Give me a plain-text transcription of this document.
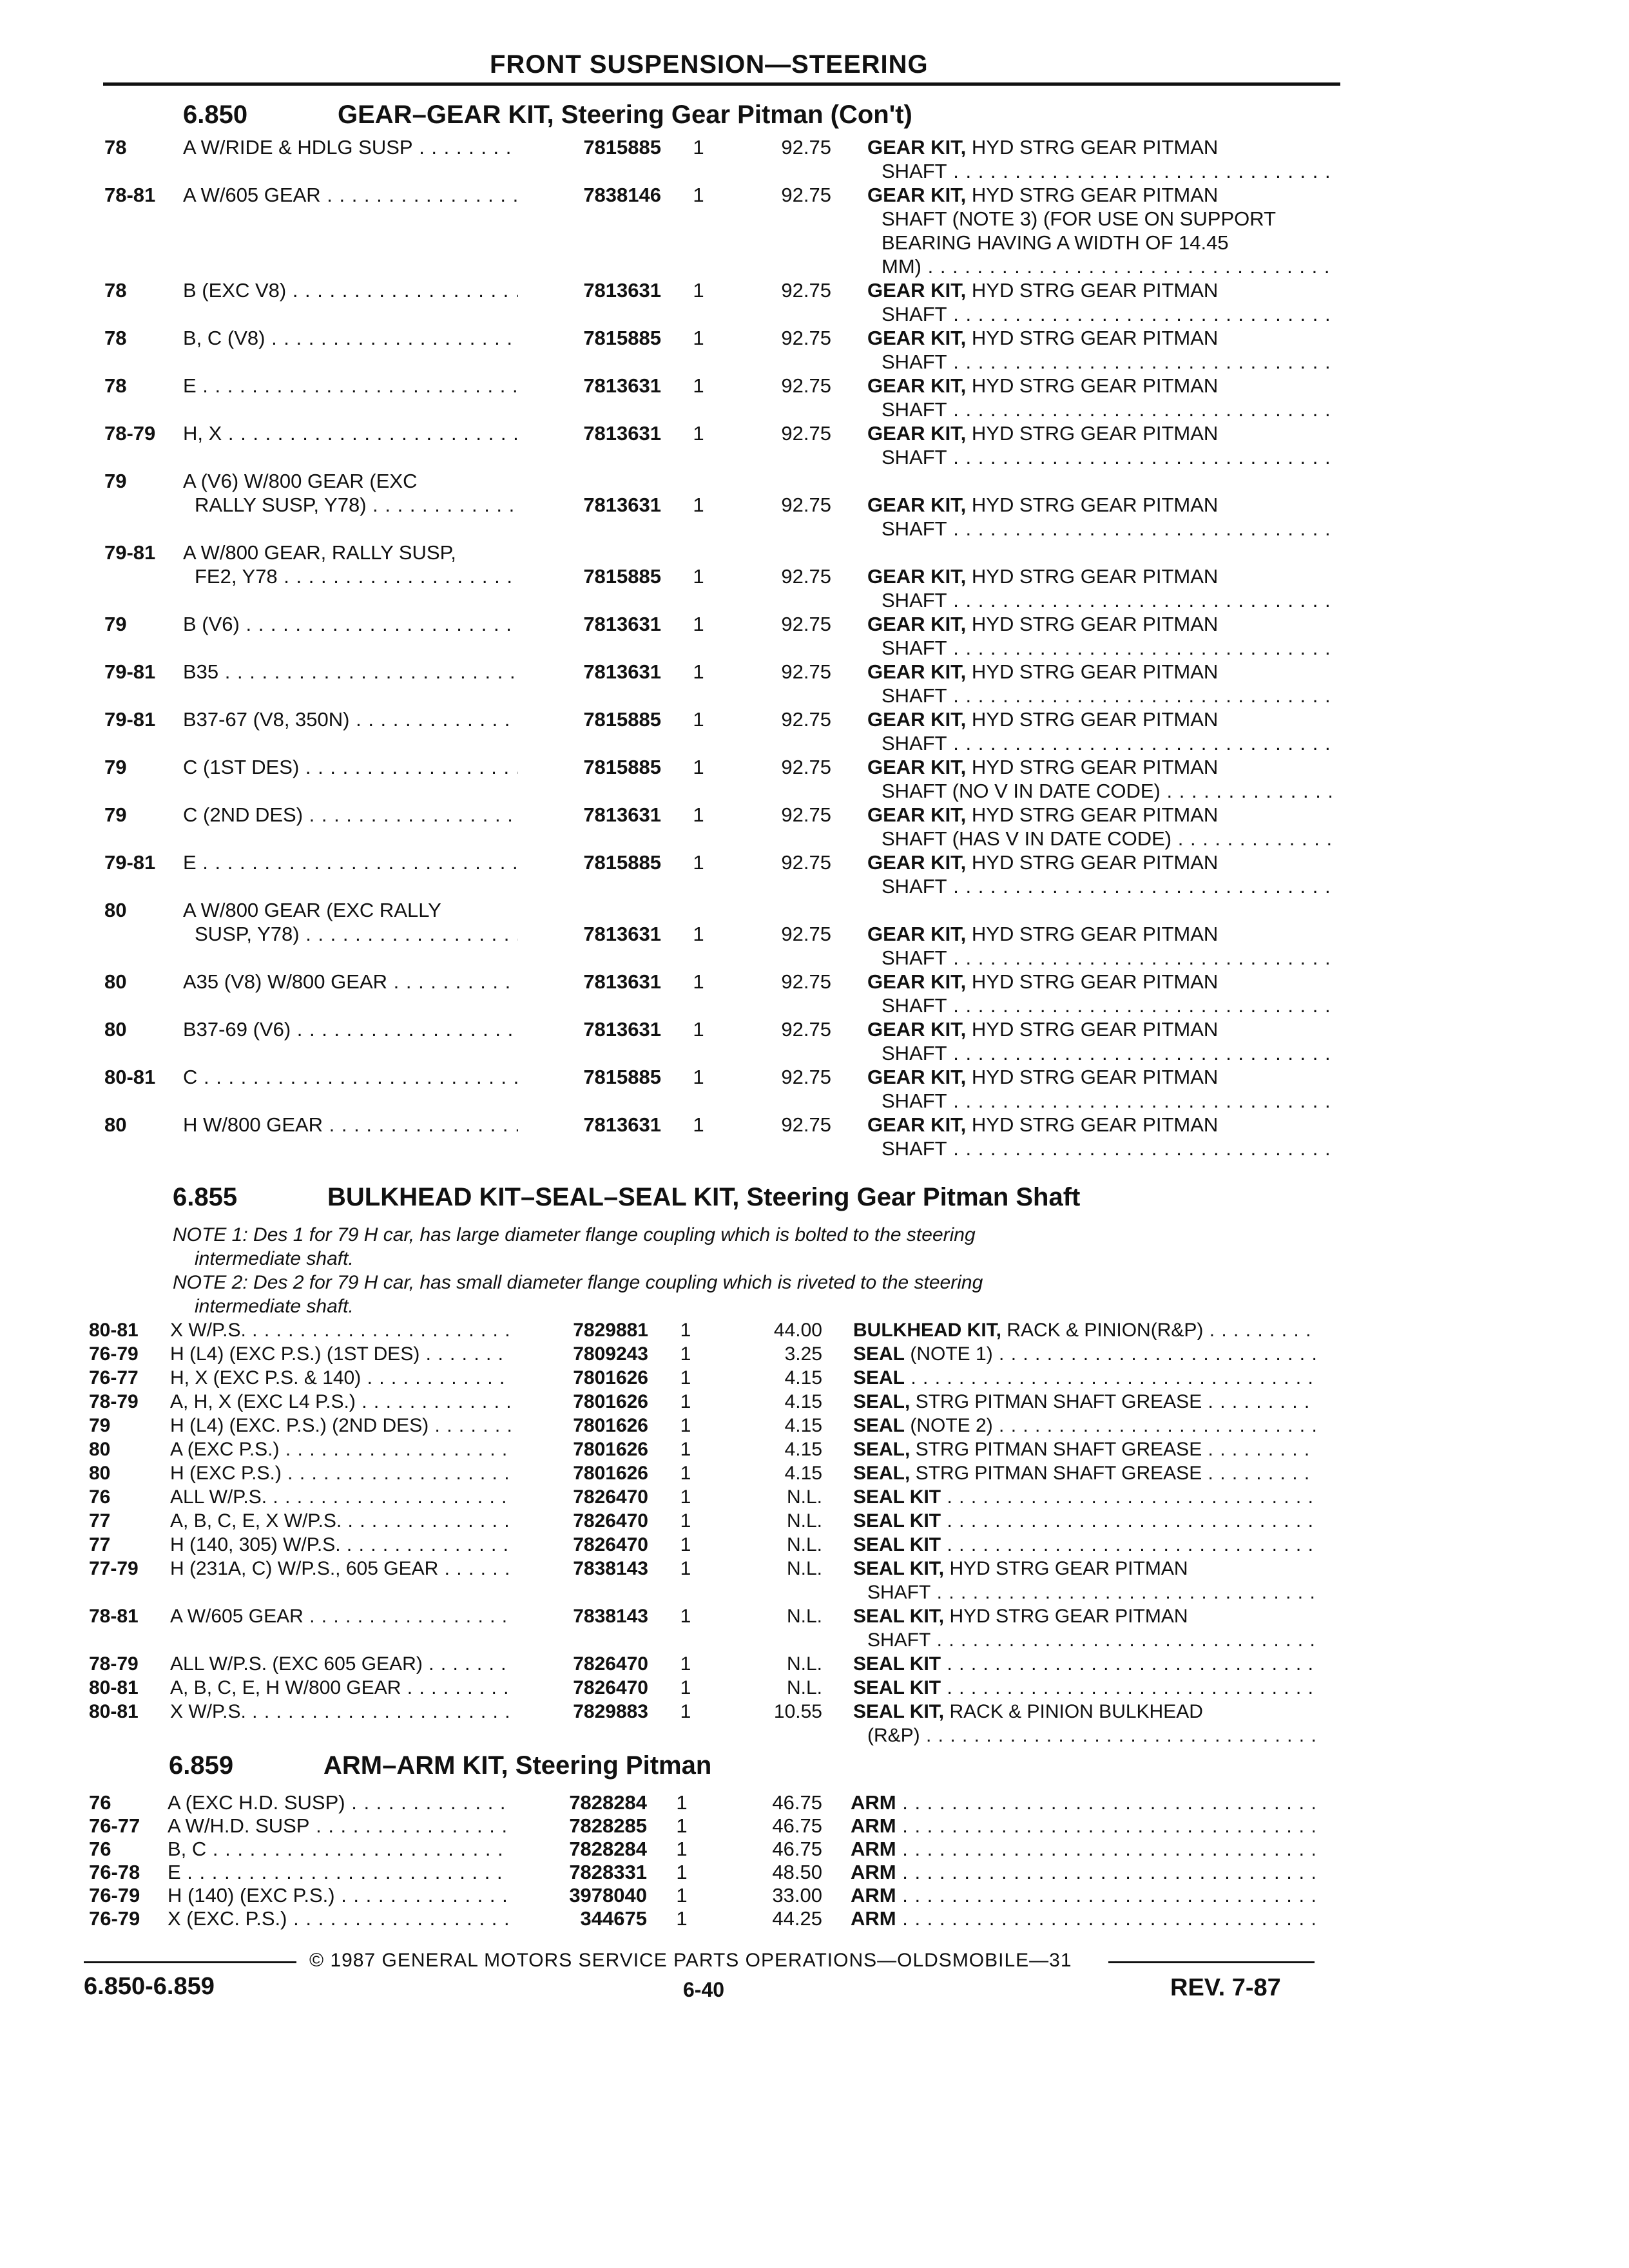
FRONT SUSPENSION—STEERING
6.850	GEAR–GEAR KIT, Steering Gear Pitman (Con't)
78	A W/RIDE & HDLG SUSP . . .	7815885	1	92.75 GEAR KIT, HYD STRG GEAR PITMAN
SHAFT . . .
78-81 A W/605 GEAR . . .	7838146	1	92.75 GEAR KIT, HYD STRG GEAR PITMAN
SHAFT (NOTE 3) (FOR USE ON SUPPORT
BEARING HAVING A WIDTH OF 14.45
MM) . . .
78	B (EXC V8) . . .	7813631	1	92.75 GEAR KIT, HYD STRG GEAR PITMAN
SHAFT . . .
78	B, C (V8) . . .	7815885	1	92.75 GEAR KIT, HYD STRG GEAR PITMAN
SHAFT . . .
78	E . . .	7813631	1	92.75 GEAR KIT, HYD STRG GEAR PITMAN
SHAFT . . .
78-79 H, X . . .	7813631	1	92.75 GEAR KIT, HYD STRG GEAR PITMAN
SHAFT . . .
79	A (V6) W/800 GEAR (EXC
RALLY SUSP, Y78) . . .	7813631	1	92.75 GEAR KIT, HYD STRG GEAR PITMAN
SHAFT . . .
79-81 A W/800 GEAR, RALLY SUSP,
FE2, Y78 . . .	7815885	1	92.75 GEAR KIT, HYD STRG GEAR PITMAN
SHAFT . . .
79	B (V6) . . .	7813631	1	92.75 GEAR KIT, HYD STRG GEAR PITMAN
SHAFT . . .
79-81 B35 . . .	7813631	1	92.75 GEAR KIT, HYD STRG GEAR PITMAN
SHAFT . . .
79-81 B37-67 (V8, 350N) . . .	7815885	1	92.75 GEAR KIT, HYD STRG GEAR PITMAN
SHAFT . . .
79	C (1ST DES) . . .	7815885	1	92.75 GEAR KIT, HYD STRG GEAR PITMAN
SHAFT (NO V IN DATE CODE) . . .
79	C (2ND DES) . . .	7813631	1	92.75 GEAR KIT, HYD STRG GEAR PITMAN
SHAFT (HAS V IN DATE CODE) . . .
79-81 E . . .	7815885	1	92.75 GEAR KIT, HYD STRG GEAR PITMAN
SHAFT . . .
80	A W/800 GEAR (EXC RALLY
SUSP, Y78) . . .	7813631	1	92.75 GEAR KIT, HYD STRG GEAR PITMAN
SHAFT . . .
80	A35 (V8) W/800 GEAR . . .	7813631	1	92.75 GEAR KIT, HYD STRG GEAR PITMAN
SHAFT . . .
80	B37-69 (V6) . . .	7813631	1	92.75 GEAR KIT, HYD STRG GEAR PITMAN
SHAFT . . .
80-81 C . . .	7815885	1	92.75 GEAR KIT, HYD STRG GEAR PITMAN
SHAFT . . .
80	H W/800 GEAR . . .	7813631	1	92.75 GEAR KIT, HYD STRG GEAR PITMAN
SHAFT . . .
6.855	BULKHEAD KIT–SEAL–SEAL KIT, Steering Gear Pitman Shaft

NOTE 1: Des 1 for 79 H car, has large diameter flange coupling which is bolted to the steering

intermediate shaft.

NOTE 2: Des 2 for 79 H car, has small diameter flange coupling which is riveted to the steering

intermediate shaft.

80-81 X W/P.S. . . .	7829881	1	44.00 BULKHEAD KIT, RACK & PINION(R&P) . . .
76-79 H (L4) (EXC P.S.) (1ST DES) . . .	7809243	1	3.25 SEAL (NOTE 1) . . .
76-77 H, X (EXC P.S. & 140) . . .	7801626	1	4.15 SEAL . . .
78-79 A, H, X (EXC L4 P.S.) . . .	7801626	1	4.15 SEAL, STRG PITMAN SHAFT GREASE . . .
79	H (L4) (EXC. P.S.) (2ND DES) . . .	7801626	1	4.15 SEAL (NOTE 2) . . .
80	A (EXC P.S.) . . .	7801626	1	4.15 SEAL, STRG PITMAN SHAFT GREASE . . .
80	H (EXC P.S.) . . .	7801626	1	4.15 SEAL, STRG PITMAN SHAFT GREASE . . .
76	ALL W/P.S. . . .	7826470	1	N.L. SEAL KIT . . .
77	A, B, C, E, X W/P.S. . . .	7826470	1	N.L. SEAL KIT . . .
77	H (140, 305) W/P.S. . . .	7826470	1	N.L. SEAL KIT . . .
77-79 H (231A, C) W/P.S., 605 GEAR . . .	7838143	1	N.L. SEAL KIT, HYD STRG GEAR PITMAN
SHAFT . . .
78-81 A W/605 GEAR . . .	7838143	1	N.L. SEAL KIT, HYD STRG GEAR PITMAN
SHAFT . . .
78-79 ALL W/P.S. (EXC 605 GEAR) . . .	7826470	1	N.L. SEAL KIT . . .
80-81 A, B, C, E, H W/800 GEAR . . .	7826470	1	N.L. SEAL KIT . . .
80-81 X W/P.S. . . .	7829883	1	10.55 SEAL KIT, RACK & PINION BULKHEAD
(R&P) . . .
6.859	ARM–ARM KIT, Steering Pitman
76	A (EXC H.D. SUSP) . . .	7828284	1	46.75 ARM . . .
76-77 A W/H.D. SUSP . . .	7828285	1	46.75 ARM . . .
76	B, C . . .	7828284	1	46.75 ARM . . .
76-78 E . . .	7828331	1	48.50 ARM . . .
76-79 H (140) (EXC P.S.) . . .	3978040	1	33.00 ARM . . .
76-79 X (EXC. P.S.) . . .	344675	1	44.25 ARM . . .
© 1987 GENERAL MOTORS SERVICE PARTS OPERATIONS—OLDSMOBILE—31
6.850-6.859	6-40	REV. 7-87
